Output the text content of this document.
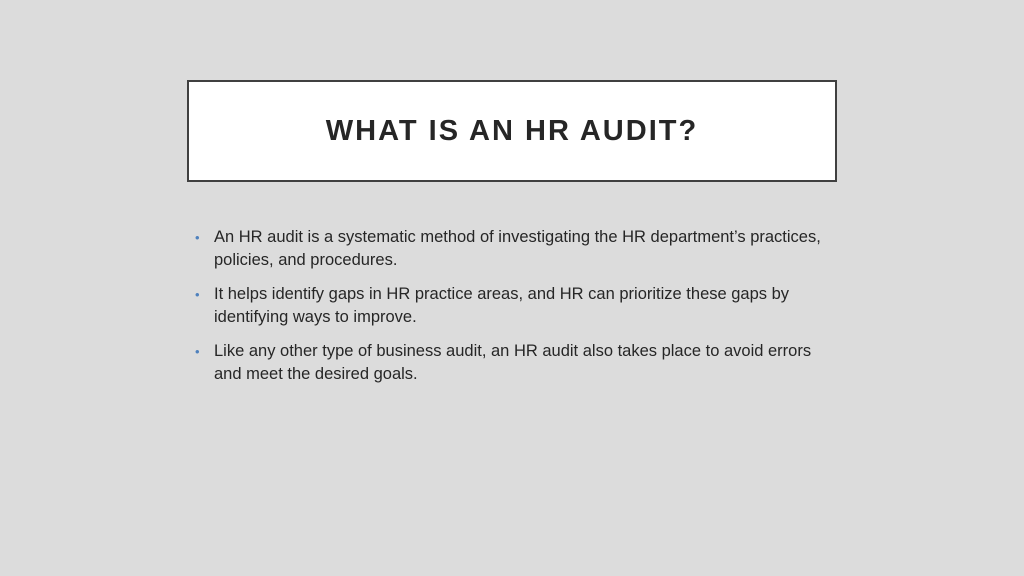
WHAT IS AN HR AUDIT?
• An HR audit is a systematic method of investigating the HR department’s practices, policies, and procedures.
• It helps identify gaps in HR practice areas, and HR can prioritize these gaps by identifying ways to improve.
• Like any other type of business audit, an HR audit also takes place to avoid errors and meet the desired goals.
